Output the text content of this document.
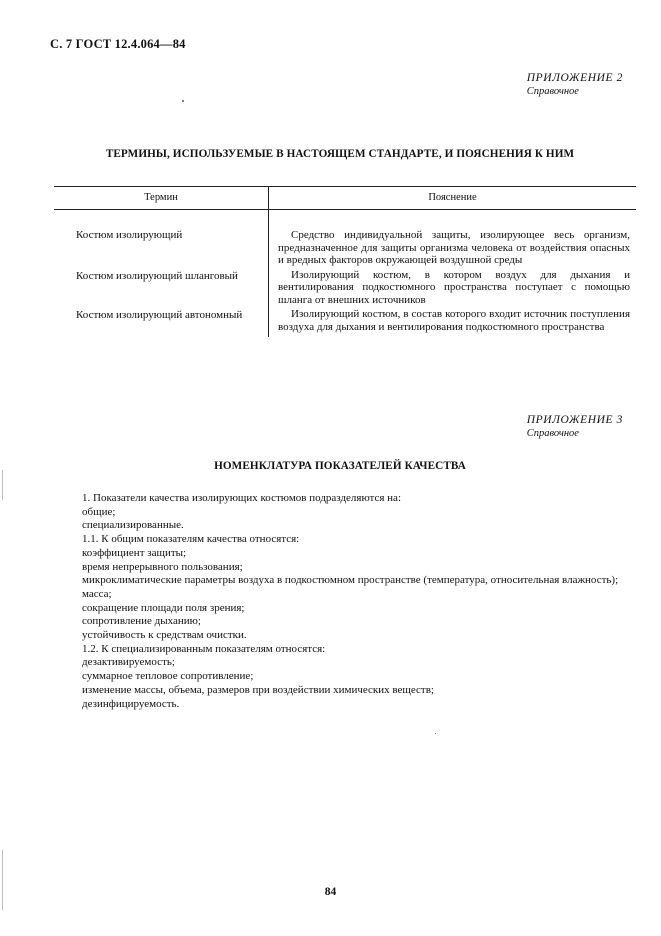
С. 7 ГОСТ 12.4.064—84
ПРИЛОЖЕНИЕ 2
Справочное
ТЕРМИНЫ, ИСПОЛЬЗУЕМЫЕ В НАСТОЯЩЕМ СТАНДАРТЕ, И ПОЯСНЕНИЯ К НИМ
Термин	Пояснение
Костюм изолирующий	Средство индивидуальной защиты, изолирующее весь организм, предназначенное для защиты организма человека от воздействия опасных и вредных факторов окружающей воздушной среды
Костюм изолирующий шланговый	Изолирующий костюм, в котором воздух для дыхания и вентилирования подкостюмного пространства поступает с помощью шланга от внешних источников
Костюм изолирующий автономный	Изолирующий костюм, в состав которого входит источник поступления воздуха для дыхания и вентилирования подкостюмного пространства
ПРИЛОЖЕНИЕ 3
Справочное
НОМЕНКЛАТУРА ПОКАЗАТЕЛЕЙ КАЧЕСТВА

1. Показатели качества изолирующих костюмов подразделяются на:

общие;

специализированные.

1.1. К общим показателям качества относятся:

коэффициент защиты;

время непрерывного пользования;

микроклиматические параметры воздуха в подкостюмном пространстве (температура, относительная влажность);

масса;

сокращение площади поля зрения;

сопротивление дыханию;

устойчивость к средствам очистки.

1.2. К специализированным показателям относятся:

дезактивируемость;

суммарное тепловое сопротивление;

изменение массы, объема, размеров при воздействии химических веществ;

дезинфицируемость.

84
